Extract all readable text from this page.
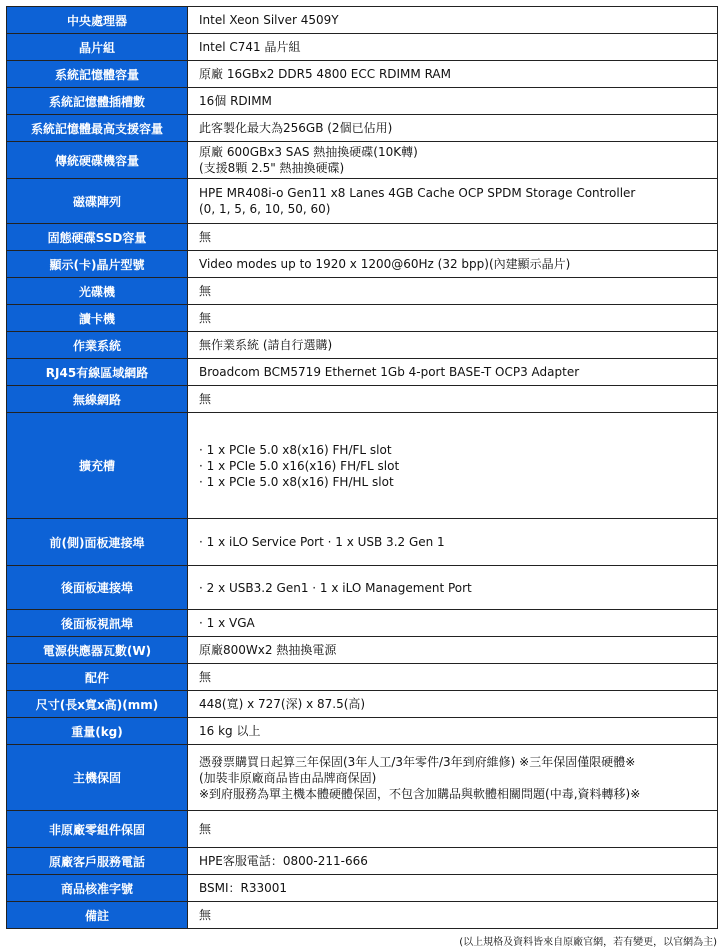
中央處理器	Intel Xeon Silver 4509Y

晶片組	Intel C741 晶片組

系統記憶體容量	原廠 16GBx2 DDR5 4800 ECC RDIMM RAM

系統記憶體插槽數	16個 RDIMM

系統記憶體最高支援容量	此客製化最大為256GB (2個已佔用)

傳統硬碟機容量	原廠 600GBx3 SAS 熱抽換硬碟(10K轉)
(支援8顆 2.5" 熱抽換硬碟)

磁碟陣列	HPE MR408i-o Gen11 x8 Lanes 4GB Cache OCP SPDM Storage Controller
(0, 1, 5, 6, 10, 50, 60)

固態硬碟SSD容量	無

顯示(卡)晶片型號	Video modes up to 1920 x 1200@60Hz (32 bpp)(內建顯示晶片)

光碟機	無

讀卡機	無

作業系統	無作業系統 (請自行選購)

RJ45有線區域網路	Broadcom BCM5719 Ethernet 1Gb 4-port BASE-T OCP3 Adapter

無線網路	無

擴充槽	· 1 x PCIe 5.0 x8(x16) FH/FL slot
· 1 x PCIe 5.0 x16(x16) FH/FL slot
· 1 x PCIe 5.0 x8(x16) FH/HL slot

前(側)面板連接埠	· 1 x iLO Service Port · 1 x USB 3.2 Gen 1

後面板連接埠	· 2 x USB3.2 Gen1 · 1 x iLO Management Port

後面板視訊埠	· 1 x VGA

電源供應器瓦數(W)	原廠800Wx2 熱抽換電源

配件	無

尺寸(長x寬x高)(mm)	448(寬) x 727(深) x 87.5(高)

重量(kg)	16 kg 以上

主機保固	憑發票購買日起算三年保固(3年人工/3年零件/3年到府維修) ※三年保固僅限硬體※
(加裝非原廠商品皆由品牌商保固)
※到府服務為單主機本體硬體保固，不包含加購品與軟體相關問題(中毒,資料轉移)※

非原廠零組件保固	無

原廠客戶服務電話	HPE客服電話：0800-211-666

商品核准字號	BSMI：R33001

備註	無
(以上規格及資料皆來自原廠官網，若有變更，以官網為主)
